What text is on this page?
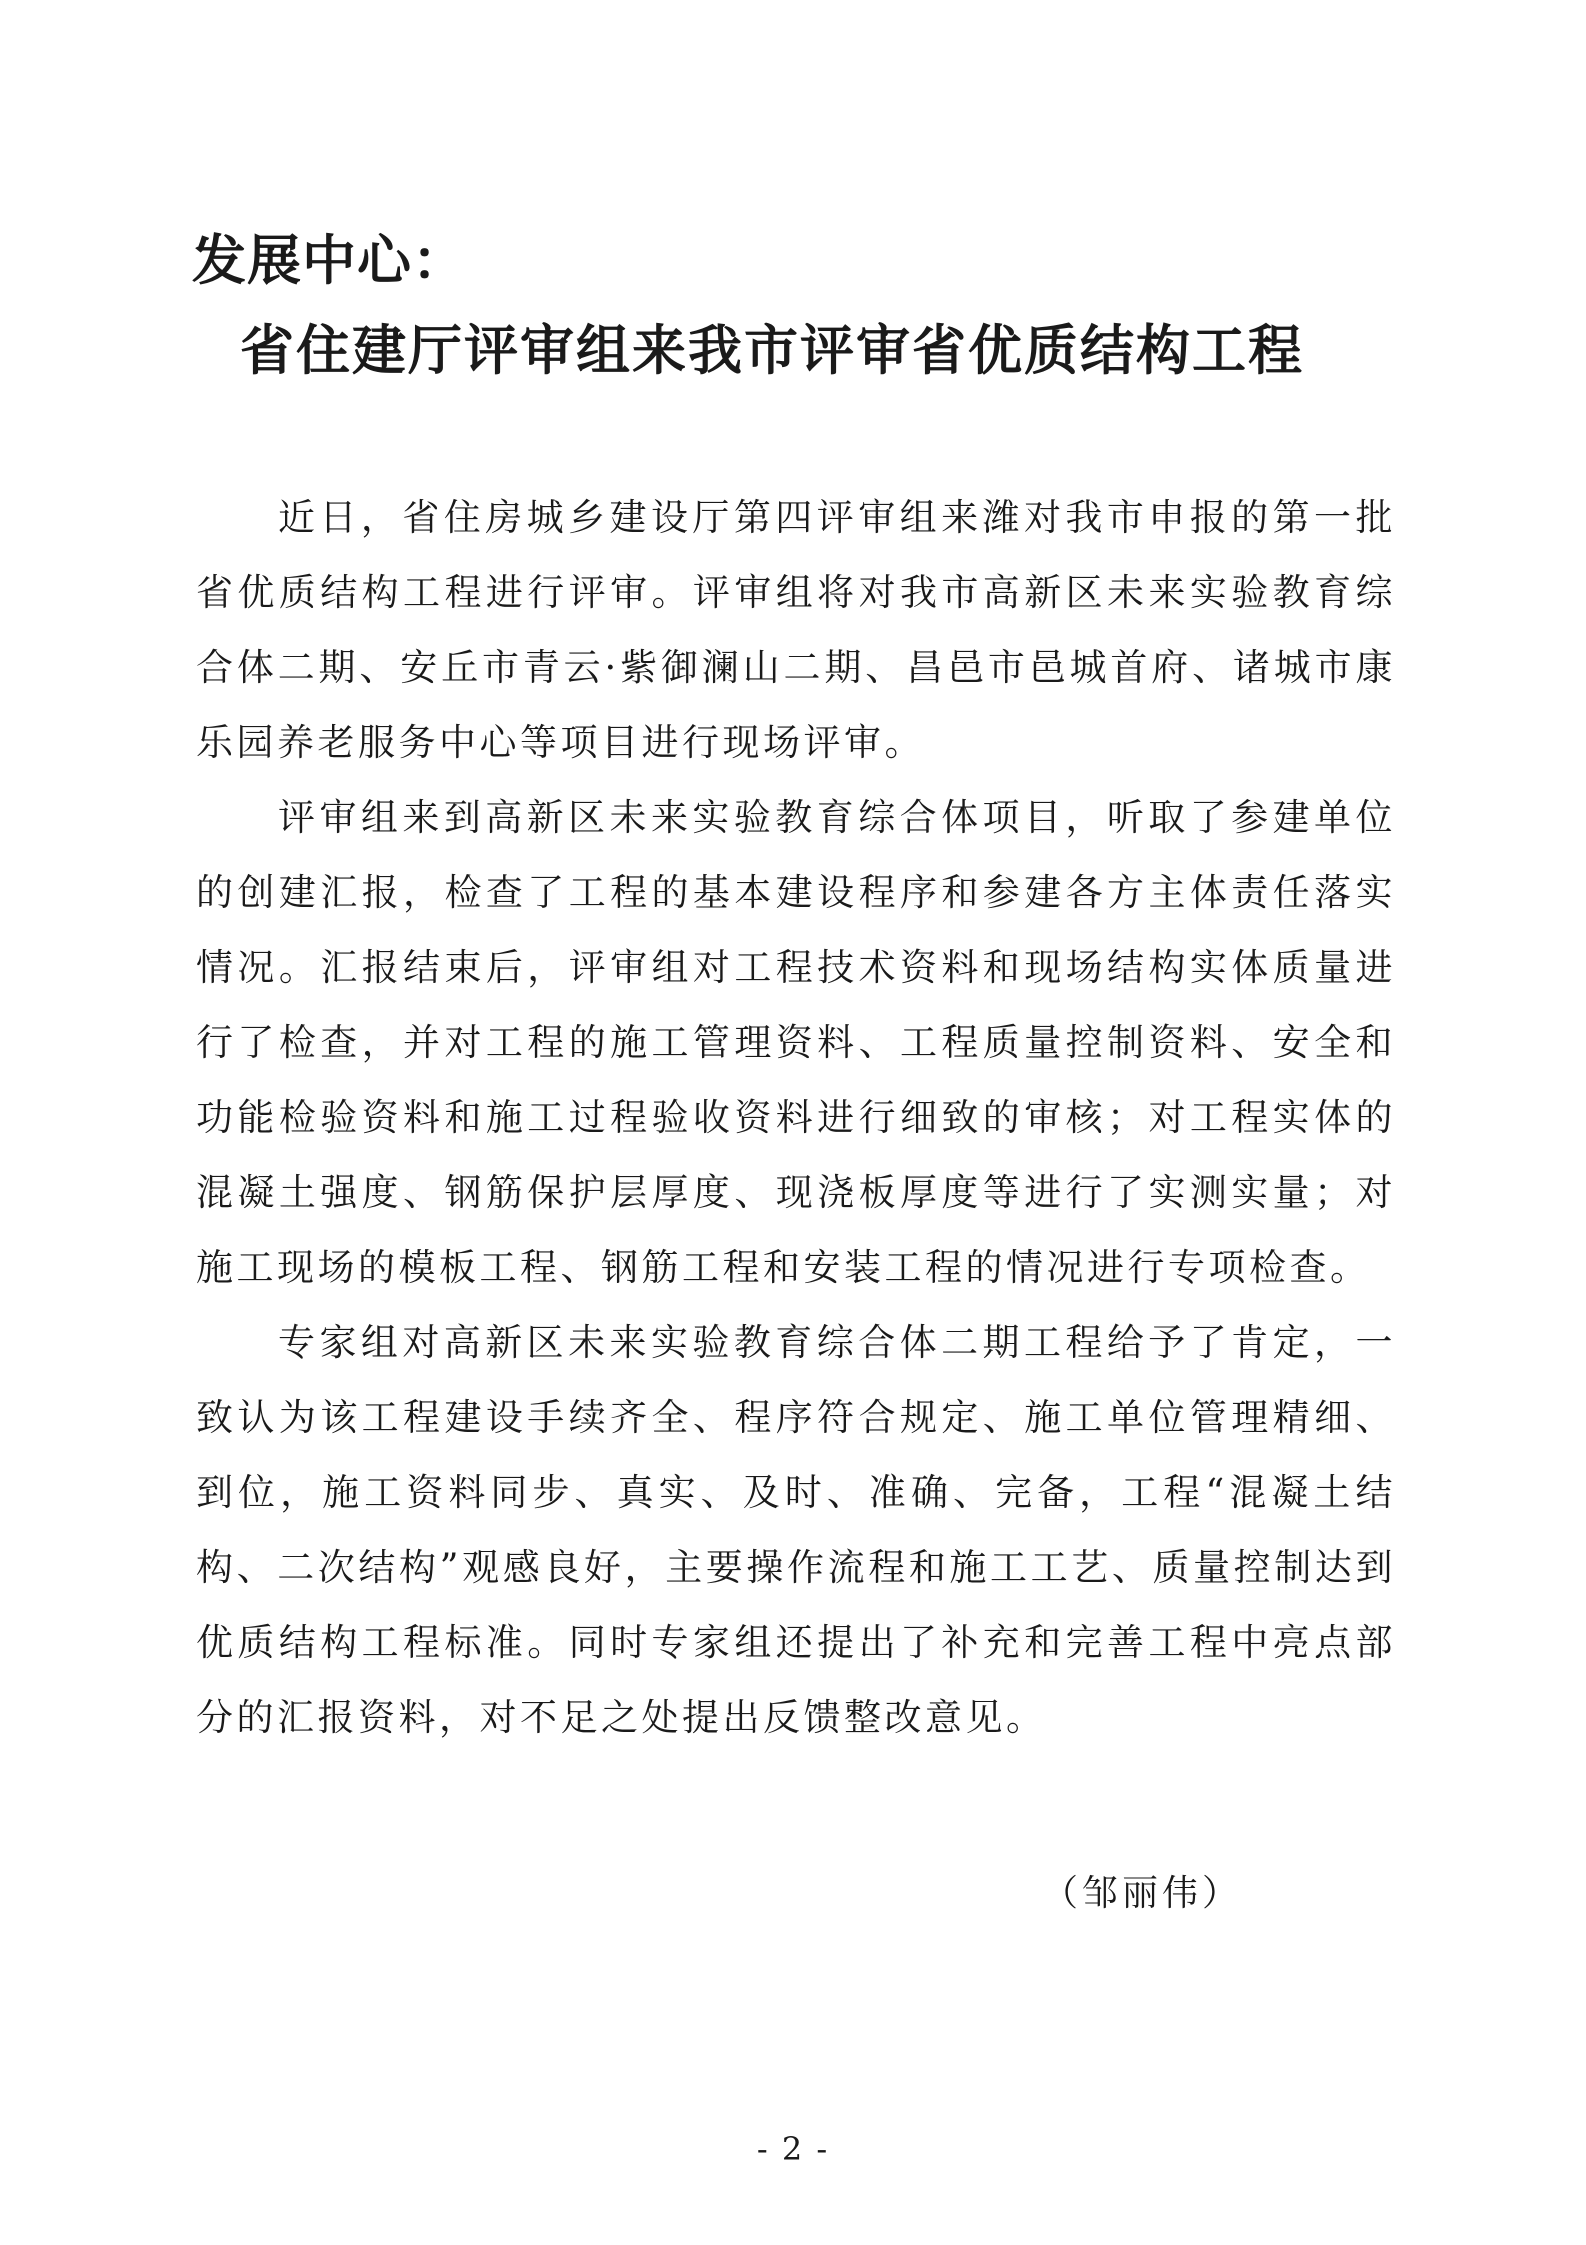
发展中心：
省住建厅评审组来我市评审省优质结构工程

近日，省住房城乡建设厅第四评审组来潍对我市申报的第一批省优质结构工程进行评审。评审组将对我市高新区未来实验教育综合体二期、安丘市青云·紫御澜山二期、昌邑市邑城首府、诸城市康乐园养老服务中心等项目进行现场评审。

评审组来到高新区未来实验教育综合体项目，听取了参建单位的创建汇报，检查了工程的基本建设程序和参建各方主体责任落实情况。汇报结束后，评审组对工程技术资料和现场结构实体质量进行了检查，并对工程的施工管理资料、工程质量控制资料、安全和功能检验资料和施工过程验收资料进行细致的审核；对工程实体的混凝土强度、钢筋保护层厚度、现浇板厚度等进行了实测实量；对施工现场的模板工程、钢筋工程和安装工程的情况进行专项检查。

专家组对高新区未来实验教育综合体二期工程给予了肯定，一致认为该工程建设手续齐全、程序符合规定、施工单位管理精细、到位，施工资料同步、真实、及时、准确、完备，工程“混凝土结构、二次结构”观感良好，主要操作流程和施工工艺、质量控制达到优质结构工程标准。同时专家组还提出了补充和完善工程中亮点部分的汇报资料，对不足之处提出反馈整改意见。

（邹丽伟）
- 2 -
